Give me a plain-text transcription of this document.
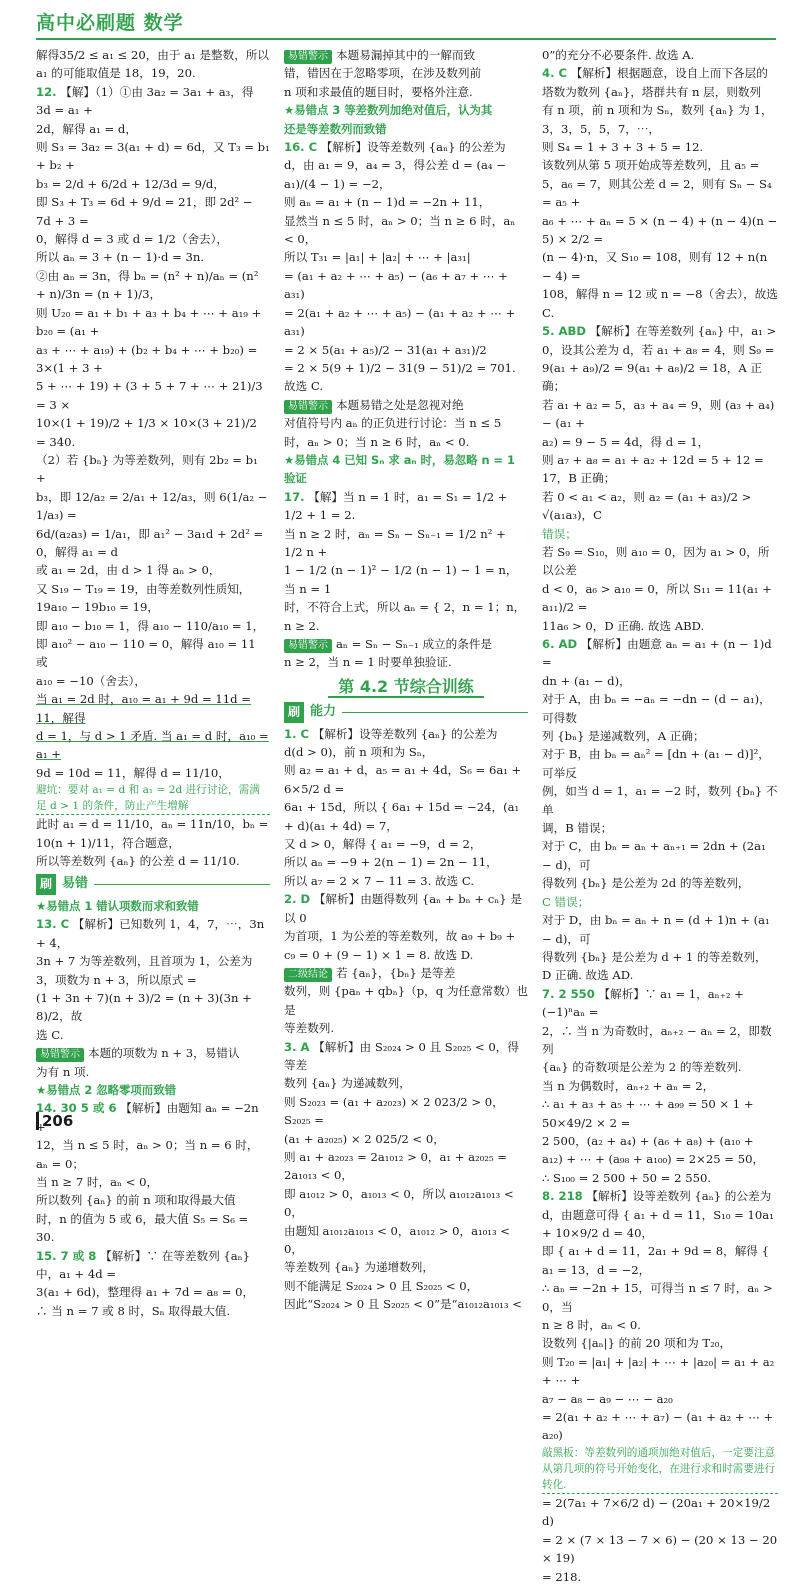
高中必刷题 数学

解得35/2 ≤ a₁ ≤ 20，由于 a₁ 是整数，所以

a₁ 的可能取值是 18，19，20.

12. 【解】（1）①由 3a₂ = 3a₁ + a₃，得 3d = a₁ +

2d，解得 a₁ = d，

则 S₃ = 3a₂ = 3(a₁ + d) = 6d，又 T₃ = b₁ + b₂ +

b₃ = 2/d + 6/2d + 12/3d = 9/d，

即 S₃ + T₃ = 6d + 9/d = 21，即 2d² − 7d + 3 =

0，解得 d = 3 或 d = 1/2（舍去），

所以 aₙ = 3 + (n − 1)·d = 3n.

②由 aₙ = 3n，得 bₙ = (n² + n)/aₙ = (n² + n)/3n = (n + 1)/3，

则 U₂₀ = a₁ + b₁ + a₃ + b₄ + ⋯ + a₁₉ + b₂₀ = (a₁ +

a₃ + ⋯ + a₁₉) + (b₂ + b₄ + ⋯ + b₂₀) = 3×(1 + 3 +

5 + ⋯ + 19) + (3 + 5 + 7 + ⋯ + 21)/3 = 3 ×

10×(1 + 19)/2 + 1/3 × 10×(3 + 21)/2 = 340.

（2）若 {bₙ} 为等差数列，则有 2b₂ = b₁ +

b₃，即 12/a₂ = 2/a₁ + 12/a₃，则 6(1/a₂ − 1/a₃) =

6d/(a₂a₃) = 1/a₁，即 a₁² − 3a₁d + 2d² = 0，解得 a₁ = d

或 a₁ = 2d，由 d > 1 得 aₙ > 0，

又 S₁₉ − T₁₉ = 19，由等差数列性质知，

19a₁₀ − 19b₁₀ = 19，

即 a₁₀ − b₁₀ = 1，得 a₁₀ − 110/a₁₀ = 1，

即 a₁₀² − a₁₀ − 110 = 0，解得 a₁₀ = 11 或

a₁₀ = −10（舍去），

当 a₁ = 2d 时，a₁₀ = a₁ + 9d = 11d = 11，解得

d = 1，与 d > 1 矛盾. 当 a₁ = d 时，a₁₀ = a₁ +

9d = 10d = 11，解得 d = 11/10，

避坑：要对 a₁ = d 和 a₁ = 2d 进行讨论，需满足 d > 1 的条件，防止产生增解

此时 a₁ = d = 11/10，aₙ = 11n/10，bₙ =

10(n + 1)/11，符合题意，

所以等差数列 {aₙ} 的公差 d = 11/10.

刷 易错

★易错点 1 错认项数而求和致错

13. C 【解析】已知数列 1，4，7，⋯，3n + 4，

3n + 7 为等差数列，且首项为 1，公差为

3，项数为 n + 3，所以原式 =

(1 + 3n + 7)(n + 3)/2 = (n + 3)(3n + 8)/2，故

选 C.

易错警示 本题的项数为 n + 3，易错认

为有 n 项.

★易错点 2 忽略零项而致错

14. 30 5 或 6 【解析】由题知 aₙ = −2n +

12，当 n ≤ 5 时，aₙ > 0；当 n = 6 时，aₙ = 0；

当 n ≥ 7 时，aₙ < 0，

所以数列 {aₙ} 的前 n 项和取得最大值

时，n 的值为 5 或 6，最大值 S₅ = S₆ = 30.

15. 7 或 8 【解析】∵ 在等差数列 {aₙ} 中，a₁ + 4d =

3(a₁ + 6d)，整理得 a₁ + 7d = a₈ = 0，

∴ 当 n = 7 或 8 时，Sₙ 取得最大值.

易错警示 本题易漏掉其中的一解而致

错，错因在于忽略零项，在涉及数列前

n 项和求最值的题目时，要格外注意.

★易错点 3 等差数列加绝对值后，认为其

还是等差数列而致错

16. C 【解析】设等差数列 {aₙ} 的公差为

d，由 a₁ = 9，a₄ = 3，得公差 d = (a₄ − a₁)/(4 − 1) = −2，

则 aₙ = a₁ + (n − 1)d = −2n + 11，

显然当 n ≤ 5 时，aₙ > 0；当 n ≥ 6 时，aₙ < 0，

所以 T₃₁ = |a₁| + |a₂| + ⋯ + |a₃₁|

= (a₁ + a₂ + ⋯ + a₅) − (a₆ + a₇ + ⋯ + a₃₁)

= 2(a₁ + a₂ + ⋯ + a₅) − (a₁ + a₂ + ⋯ + a₃₁)

= 2 × 5(a₁ + a₅)/2 − 31(a₁ + a₃₁)/2

= 2 × 5(9 + 1)/2 − 31(9 − 51)/2 = 701.

故选 C.

易错警示 本题易错之处是忽视对绝

对值符号内 aₙ 的正负进行讨论：当 n ≤ 5

时，aₙ > 0；当 n ≥ 6 时，aₙ < 0.

★易错点 4 已知 Sₙ 求 aₙ 时，易忽略 n = 1

验证

17. 【解】当 n = 1 时，a₁ = S₁ = 1/2 + 1/2 + 1 = 2.

当 n ≥ 2 时，aₙ = Sₙ − Sₙ₋₁ = 1/2 n² + 1/2 n +

1 − 1/2 (n − 1)² − 1/2 (n − 1) − 1 = n，当 n = 1

时，不符合上式，所以 aₙ = { 2，n = 1；n，n ≥ 2.

易错警示 aₙ = Sₙ − Sₙ₋₁ 成立的条件是

n ≥ 2，当 n = 1 时要单独验证.

第 4.2 节综合训练
刷 能力

1. C 【解析】设等差数列 {aₙ} 的公差为

d(d > 0)，前 n 项和为 Sₙ，

则 a₂ = a₁ + d，a₅ = a₁ + 4d，S₆ = 6a₁ + 6×5/2 d =

6a₁ + 15d，所以 { 6a₁ + 15d = −24，(a₁ + d)(a₁ + 4d) = 7，

又 d > 0，解得 { a₁ = −9，d = 2，

所以 aₙ = −9 + 2(n − 1) = 2n − 11，

所以 a₇ = 2 × 7 − 11 = 3. 故选 C.

2. D 【解析】由题得数列 {aₙ + bₙ + cₙ} 是以 0

为首项，1 为公差的等差数列，故 a₉ + b₉ +

c₉ = 0 + (9 − 1) × 1 = 8. 故选 D.

二级结论 若 {aₙ}，{bₙ} 是等差

数列，则 {paₙ + qbₙ}（p，q 为任意常数）也是

等差数列.

3. A 【解析】由 S₂₀₂₄ > 0 且 S₂₀₂₅ < 0，得等差

数列 {aₙ} 为递减数列，

则 S₂₀₂₃ = (a₁ + a₂₀₂₃) × 2 023/2 > 0，S₂₀₂₅ =

(a₁ + a₂₀₂₅) × 2 025/2 < 0，

则 a₁ + a₂₀₂₃ = 2a₁₀₁₂ > 0，a₁ + a₂₀₂₅ = 2a₁₀₁₃ < 0，

即 a₁₀₁₂ > 0，a₁₀₁₃ < 0，所以 a₁₀₁₂a₁₀₁₃ < 0，

由题知 a₁₀₁₂a₁₀₁₃ < 0，a₁₀₁₂ > 0，a₁₀₁₃ < 0，

等差数列 {aₙ} 为递增数列，

则不能满足 S₂₀₂₄ > 0 且 S₂₀₂₅ < 0，

因此“S₂₀₂₄ > 0 且 S₂₀₂₅ < 0”是“a₁₀₁₂a₁₀₁₃ <

0”的充分不必要条件. 故选 A.

4. C 【解析】根据题意，设自上而下各层的

塔数为数列 {aₙ}，塔群共有 n 层，则数列

有 n 项，前 n 项和为 Sₙ，数列 {aₙ} 为 1，

3，3，5，5，7，⋯，

则 S₄ = 1 + 3 + 3 + 5 = 12.

该数列从第 5 项开始成等差数列，且 a₅ =

5，a₆ = 7，则其公差 d = 2，则有 Sₙ − S₄ = a₅ +

a₆ + ⋯ + aₙ = 5 × (n − 4) + (n − 4)(n − 5) × 2/2 =

(n − 4)·n，又 S₁₀ = 108，则有 12 + n(n − 4) =

108，解得 n = 12 或 n = −8（舍去），故选 C.

5. ABD 【解析】在等差数列 {aₙ} 中，a₁ >

0，设其公差为 d，若 a₁ + a₈ = 4，则 S₉ =

9(a₁ + a₉)/2 = 9(a₁ + a₈)/2 = 18，A 正确；

若 a₁ + a₂ = 5，a₃ + a₄ = 9，则 (a₃ + a₄) − (a₁ +

a₂) = 9 − 5 = 4d，得 d = 1，

则 a₇ + a₈ = a₁ + a₂ + 12d = 5 + 12 = 17，B 正确；

若 0 < a₁ < a₂，则 a₂ = (a₁ + a₃)/2 > √(a₁a₃)，C

错误；

若 S₉ = S₁₀，则 a₁₀ = 0，因为 a₁ > 0，所以公差

d < 0，a₆ > a₁₀ = 0，所以 S₁₁ = 11(a₁ + a₁₁)/2 =

11a₆ > 0，D 正确. 故选 ABD.

6. AD 【解析】由题意 aₙ = a₁ + (n − 1)d =

dn + (a₁ − d)，

对于 A，由 bₙ = −aₙ = −dn − (d − a₁)，可得数

列 {bₙ} 是递减数列，A 正确；

对于 B，由 bₙ = aₙ² = [dn + (a₁ − d)]²，可举反

例，如当 d = 1，a₁ = −2 时，数列 {bₙ} 不单

调，B 错误；

对于 C，由 bₙ = aₙ + aₙ₊₁ = 2dn + (2a₁ − d)，可

得数列 {bₙ} 是公差为 2d 的等差数列，

C 错误；

对于 D，由 bₙ = aₙ + n = (d + 1)n + (a₁ − d)，可

得数列 {bₙ} 是公差为 d + 1 的等差数列，

D 正确. 故选 AD.

7. 2 550 【解析】∵ a₁ = 1，aₙ₊₂ + (−1)ⁿaₙ =

2，∴ 当 n 为奇数时，aₙ₊₂ − aₙ = 2，即数列

{aₙ} 的奇数项是公差为 2 的等差数列.

当 n 为偶数时，aₙ₊₂ + aₙ = 2，

∴ a₁ + a₃ + a₅ + ⋯ + a₉₉ = 50 × 1 + 50×49/2 × 2 =

2 500，(a₂ + a₄) + (a₆ + a₈) + (a₁₀ +

a₁₂) + ⋯ + (a₉₈ + a₁₀₀) = 2×25 = 50，

∴ S₁₀₀ = 2 500 + 50 = 2 550.

8. 218 【解析】设等差数列 {aₙ} 的公差为

d，由题意可得 { a₁ + d = 11，S₁₀ = 10a₁ + 10×9/2 d = 40，

即 { a₁ + d = 11，2a₁ + 9d = 8，解得 { a₁ = 13，d = −2，

∴ aₙ = −2n + 15，可得当 n ≤ 7 时，aₙ > 0，当

n ≥ 8 时，aₙ < 0.

设数列 {|aₙ|} 的前 20 项和为 T₂₀，

则 T₂₀ = |a₁| + |a₂| + ⋯ + |a₂₀| = a₁ + a₂ + ⋯ +

a₇ − a₈ − a₉ − ⋯ − a₂₀

= 2(a₁ + a₂ + ⋯ + a₇) − (a₁ + a₂ + ⋯ + a₂₀)

敲黑板：等差数列的通项加绝对值后，一定要注意从第几项的符号开始变化，在进行求和时需要进行转化.

= 2(7a₁ + 7×6/2 d) − (20a₁ + 20×19/2 d)

= 2 × (7 × 13 − 7 × 6) − (20 × 13 − 20 × 19)

= 218.

206
